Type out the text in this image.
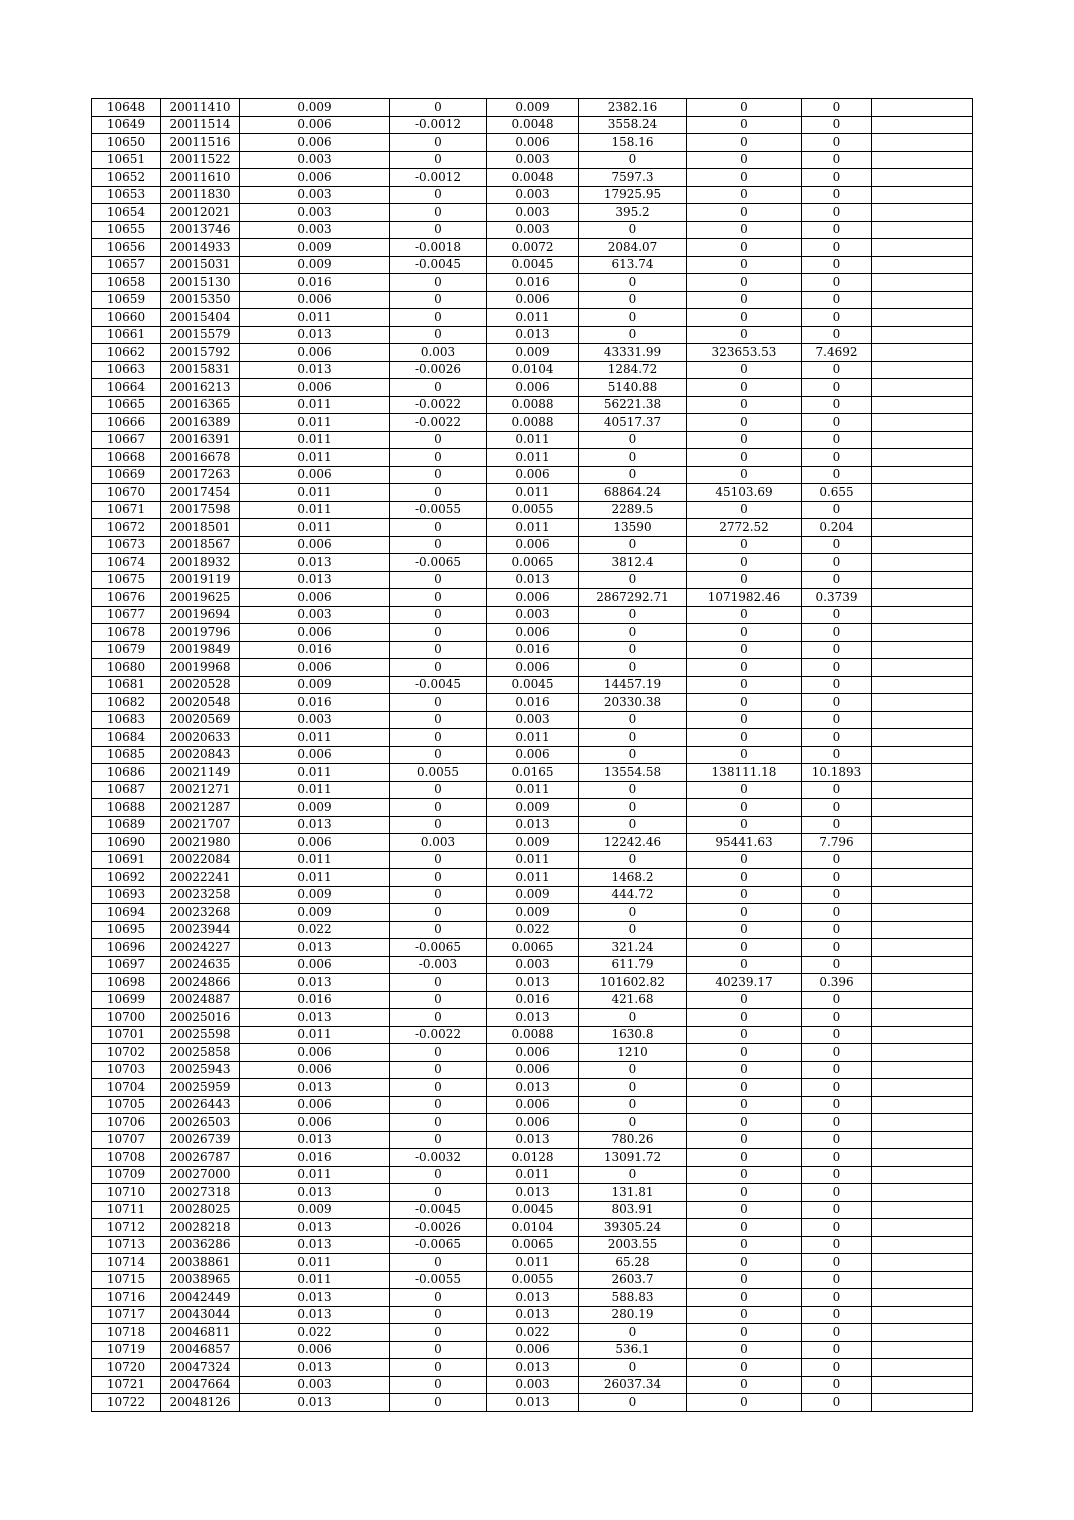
10648	20011410	0.009	0	0.009	2382.16	0	0	
10649	20011514	0.006	-0.0012	0.0048	3558.24	0	0	
10650	20011516	0.006	0	0.006	158.16	0	0	
10651	20011522	0.003	0	0.003	0	0	0	
10652	20011610	0.006	-0.0012	0.0048	7597.3	0	0	
10653	20011830	0.003	0	0.003	17925.95	0	0	
10654	20012021	0.003	0	0.003	395.2	0	0	
10655	20013746	0.003	0	0.003	0	0	0	
10656	20014933	0.009	-0.0018	0.0072	2084.07	0	0	
10657	20015031	0.009	-0.0045	0.0045	613.74	0	0	
10658	20015130	0.016	0	0.016	0	0	0	
10659	20015350	0.006	0	0.006	0	0	0	
10660	20015404	0.011	0	0.011	0	0	0	
10661	20015579	0.013	0	0.013	0	0	0	
10662	20015792	0.006	0.003	0.009	43331.99	323653.53	7.4692	
10663	20015831	0.013	-0.0026	0.0104	1284.72	0	0	
10664	20016213	0.006	0	0.006	5140.88	0	0	
10665	20016365	0.011	-0.0022	0.0088	56221.38	0	0	
10666	20016389	0.011	-0.0022	0.0088	40517.37	0	0	
10667	20016391	0.011	0	0.011	0	0	0	
10668	20016678	0.011	0	0.011	0	0	0	
10669	20017263	0.006	0	0.006	0	0	0	
10670	20017454	0.011	0	0.011	68864.24	45103.69	0.655	
10671	20017598	0.011	-0.0055	0.0055	2289.5	0	0	
10672	20018501	0.011	0	0.011	13590	2772.52	0.204	
10673	20018567	0.006	0	0.006	0	0	0	
10674	20018932	0.013	-0.0065	0.0065	3812.4	0	0	
10675	20019119	0.013	0	0.013	0	0	0	
10676	20019625	0.006	0	0.006	2867292.71	1071982.46	0.3739	
10677	20019694	0.003	0	0.003	0	0	0	
10678	20019796	0.006	0	0.006	0	0	0	
10679	20019849	0.016	0	0.016	0	0	0	
10680	20019968	0.006	0	0.006	0	0	0	
10681	20020528	0.009	-0.0045	0.0045	14457.19	0	0	
10682	20020548	0.016	0	0.016	20330.38	0	0	
10683	20020569	0.003	0	0.003	0	0	0	
10684	20020633	0.011	0	0.011	0	0	0	
10685	20020843	0.006	0	0.006	0	0	0	
10686	20021149	0.011	0.0055	0.0165	13554.58	138111.18	10.1893	
10687	20021271	0.011	0	0.011	0	0	0	
10688	20021287	0.009	0	0.009	0	0	0	
10689	20021707	0.013	0	0.013	0	0	0	
10690	20021980	0.006	0.003	0.009	12242.46	95441.63	7.796	
10691	20022084	0.011	0	0.011	0	0	0	
10692	20022241	0.011	0	0.011	1468.2	0	0	
10693	20023258	0.009	0	0.009	444.72	0	0	
10694	20023268	0.009	0	0.009	0	0	0	
10695	20023944	0.022	0	0.022	0	0	0	
10696	20024227	0.013	-0.0065	0.0065	321.24	0	0	
10697	20024635	0.006	-0.003	0.003	611.79	0	0	
10698	20024866	0.013	0	0.013	101602.82	40239.17	0.396	
10699	20024887	0.016	0	0.016	421.68	0	0	
10700	20025016	0.013	0	0.013	0	0	0	
10701	20025598	0.011	-0.0022	0.0088	1630.8	0	0	
10702	20025858	0.006	0	0.006	1210	0	0	
10703	20025943	0.006	0	0.006	0	0	0	
10704	20025959	0.013	0	0.013	0	0	0	
10705	20026443	0.006	0	0.006	0	0	0	
10706	20026503	0.006	0	0.006	0	0	0	
10707	20026739	0.013	0	0.013	780.26	0	0	
10708	20026787	0.016	-0.0032	0.0128	13091.72	0	0	
10709	20027000	0.011	0	0.011	0	0	0	
10710	20027318	0.013	0	0.013	131.81	0	0	
10711	20028025	0.009	-0.0045	0.0045	803.91	0	0	
10712	20028218	0.013	-0.0026	0.0104	39305.24	0	0	
10713	20036286	0.013	-0.0065	0.0065	2003.55	0	0	
10714	20038861	0.011	0	0.011	65.28	0	0	
10715	20038965	0.011	-0.0055	0.0055	2603.7	0	0	
10716	20042449	0.013	0	0.013	588.83	0	0	
10717	20043044	0.013	0	0.013	280.19	0	0	
10718	20046811	0.022	0	0.022	0	0	0	
10719	20046857	0.006	0	0.006	536.1	0	0	
10720	20047324	0.013	0	0.013	0	0	0	
10721	20047664	0.003	0	0.003	26037.34	0	0	
10722	20048126	0.013	0	0.013	0	0	0	
